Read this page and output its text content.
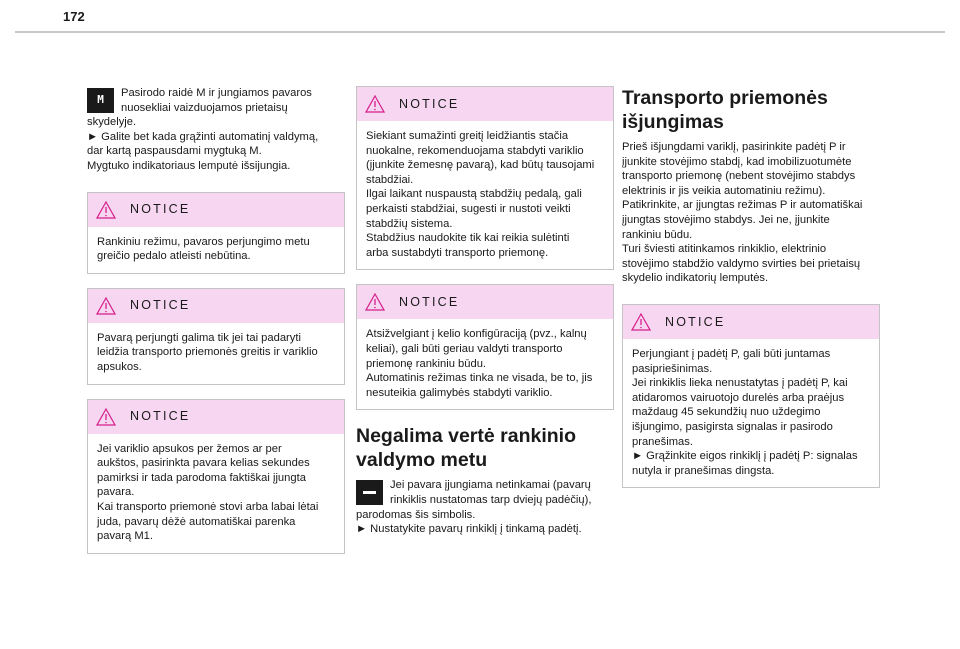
172
M
Pasirodo raidė M ir jungiamos pavaros
nuosekliai vaizduojamos prietaisų
skydelyje.
► Galite bet kada grąžinti automatinį valdymą,
dar kartą paspausdami mygtuką M.
Mygtuko indikatoriaus lemputė išsijungia.
NOTICE
Rankiniu režimu, pavaros perjungimo metu
greičio pedalo atleisti nebūtina.
NOTICE
Pavarą perjungti galima tik jei tai padaryti
leidžia transporto priemonės greitis ir variklio
apsukos.
NOTICE
Jei variklio apsukos per žemos ar per
aukštos, pasirinkta pavara kelias sekundes
pamirksi ir tada parodoma faktiškai įjungta
pavara.
Kai transporto priemonė stovi arba labai lėtai
juda, pavarų dėžė automatiškai parenka
pavarą M1.
NOTICE
Siekiant sumažinti greitį leidžiantis stačia
nuokalne, rekomenduojama stabdyti variklio
(įjunkite žemesnę pavarą), kad būtų tausojami
stabdžiai.
Ilgai laikant nuspaustą stabdžių pedalą, gali
perkaisti stabdžiai, sugesti ir nustoti veikti
stabdžių sistema.
Stabdžius naudokite tik kai reikia sulėtinti
arba sustabdyti transporto priemonę.
NOTICE
Atsižvelgiant į kelio konfigūraciją (pvz., kalnų
keliai), gali būti geriau valdyti transporto
priemonę rankiniu būdu.
Automatinis režimas tinka ne visada, be to, jis
nesuteikia galimybės stabdyti variklio.
Negalima vertė rankinio
valdymo metu
Jei pavara įjungiama netinkamai (pavarų
rinkiklis nustatomas tarp dviejų padėčių),
parodomas šis simbolis.
► Nustatykite pavarų rinkiklį į tinkamą padėtį.
Transporto priemonės
išjungimas
Prieš išjungdami variklį, pasirinkite padėtį P ir
įjunkite stovėjimo stabdį, kad imobilizuotumėte
transporto priemonę (nebent stovėjimo stabdys
elektrinis ir jis veikia automatiniu režimu).
Patikrinkite, ar įjungtas režimas P ir automatiškai
įjungtas stovėjimo stabdys. Jei ne, įjunkite
rankiniu būdu.
Turi šviesti atitinkamos rinkiklio, elektrinio
stovėjimo stabdžio valdymo svirties bei prietaisų
skydelio indikatorių lemputės.
NOTICE
Perjungiant į padėtį P, gali būti juntamas
pasipriešinimas.
Jei rinkiklis lieka nenustatytas į padėtį P, kai
atidaromos vairuotojo durelės arba praėjus
maždaug 45 sekundžių nuo uždegimo
išjungimo, pasigirsta signalas ir pasirodo
pranešimas.
► Grąžinkite eigos rinkiklį į padėtį P: signalas
nutyla ir pranešimas dingsta.
